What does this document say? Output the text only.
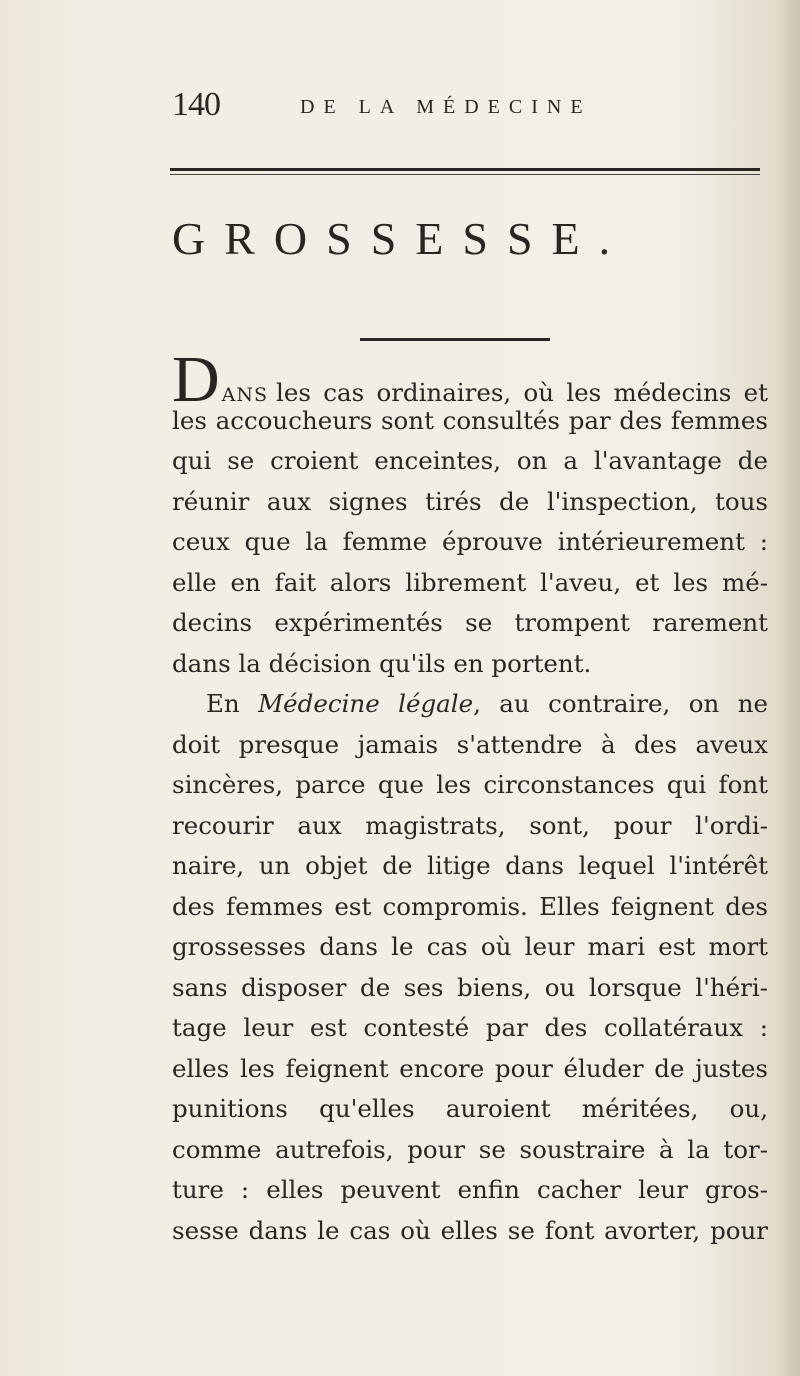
140	DE LA MÉDECINE
GROSSESSE.
D ANS les cas ordinaires, où les médecins et
les accoucheurs sont consultés par des femmes
qui se croient enceintes, on a l'avantage de
réunir aux signes tirés de l'inspection, tous
ceux que la femme éprouve intérieurement :
elle en fait alors librement l'aveu, et les mé-
decins expérimentés se trompent rarement
dans la décision qu'ils en portent.
En Médecine légale, au contraire, on ne
doit presque jamais s'attendre à des aveux
sincères, parce que les circonstances qui font
recourir aux magistrats, sont, pour l'ordi-
naire, un objet de litige dans lequel l'intérêt
des femmes est compromis. Elles feignent des
grossesses dans le cas où leur mari est mort
sans disposer de ses biens, ou lorsque l'héri-
tage leur est contesté par des collatéraux :
elles les feignent encore pour éluder de justes
punitions qu'elles auroient méritées, ou,
comme autrefois, pour se soustraire à la tor-
ture : elles peuvent enfin cacher leur gros-
sesse dans le cas où elles se font avorter, pour
